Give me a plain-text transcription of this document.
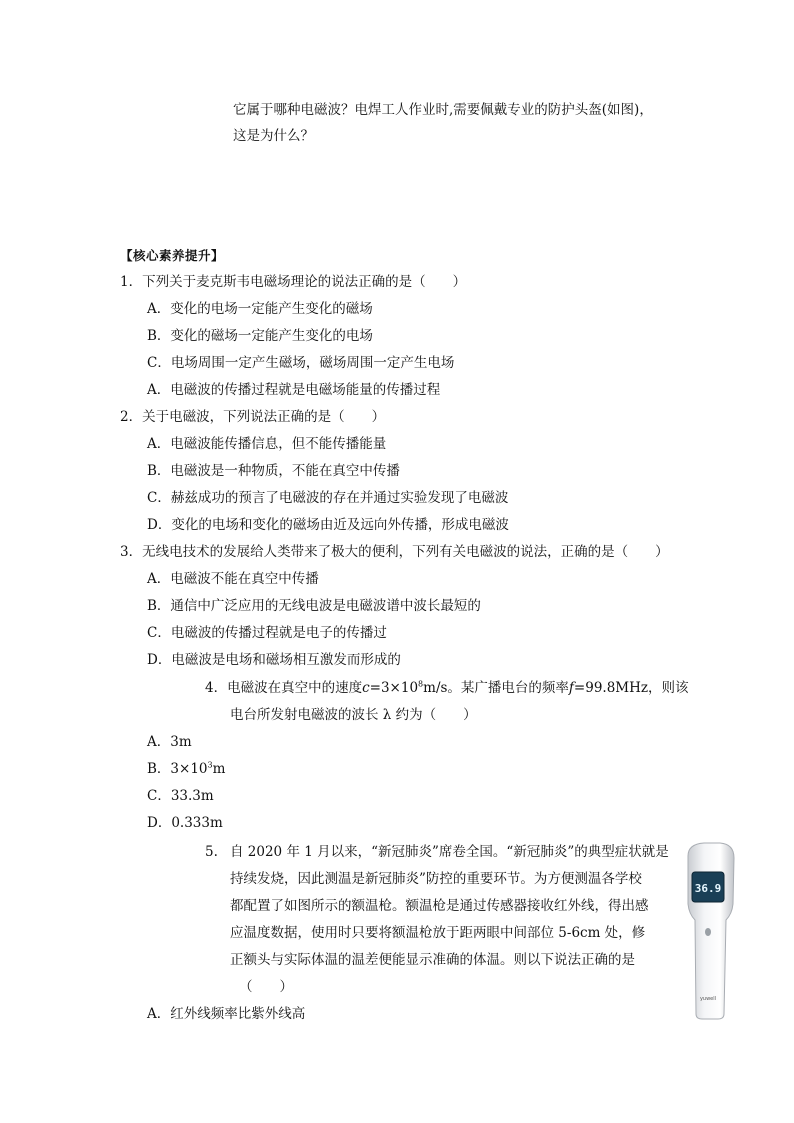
它属于哪种电磁波？电焊工人作业时,需要佩戴专业的防护头盔(如图)，
这是为什么？
【核心素养提升】
1．下列关于麦克斯韦电磁场理论的说法正确的是（　　）
A．变化的电场一定能产生变化的磁场
B．变化的磁场一定能产生变化的电场
C．电场周围一定产生磁场，磁场周围一定产生电场
A．电磁波的传播过程就是电磁场能量的传播过程
2．关于电磁波，下列说法正确的是（　　）
A．电磁波能传播信息，但不能传播能量
B．电磁波是一种物质，不能在真空中传播
C．赫兹成功的预言了电磁波的存在并通过实验发现了电磁波
D．变化的电场和变化的磁场由近及远向外传播，形成电磁波
3．无线电技术的发展给人类带来了极大的便利，下列有关电磁波的说法，正确的是（　　）
A．电磁波不能在真空中传播
B．通信中广泛应用的无线电波是电磁波谱中波长最短的
C．电磁波的传播过程就是电子的传播过
D．电磁波是电场和磁场相互激发而形成的
4．电磁波在真空中的速度$c=3\times 10^8m/s$。某广播电台的频率f=99.8MHz，则该
电台所发射电磁波的波长 λ 约为（　　）
A．3m
B．$3\times 10^3m$
C．33.3m
D．0.333m
5. 自 2020 年 1 月以来，“新冠肺炎”席卷全国。“新冠肺炎”的典型症状就是
持续发烧，因此测温是新冠肺炎”防控的重要环节。为方便测温各学校
都配置了如图所示的额温枪。额温枪是通过传感器接收红外线，得出感
应温度数据，使用时只要将额温枪放于距两眼中间部位 5-6cm 处，修
正额头与实际体温的温差便能显示准确的体温。则以下说法正确的是
（　　）
A．红外线频率比紫外线高
36.9
yuwell
